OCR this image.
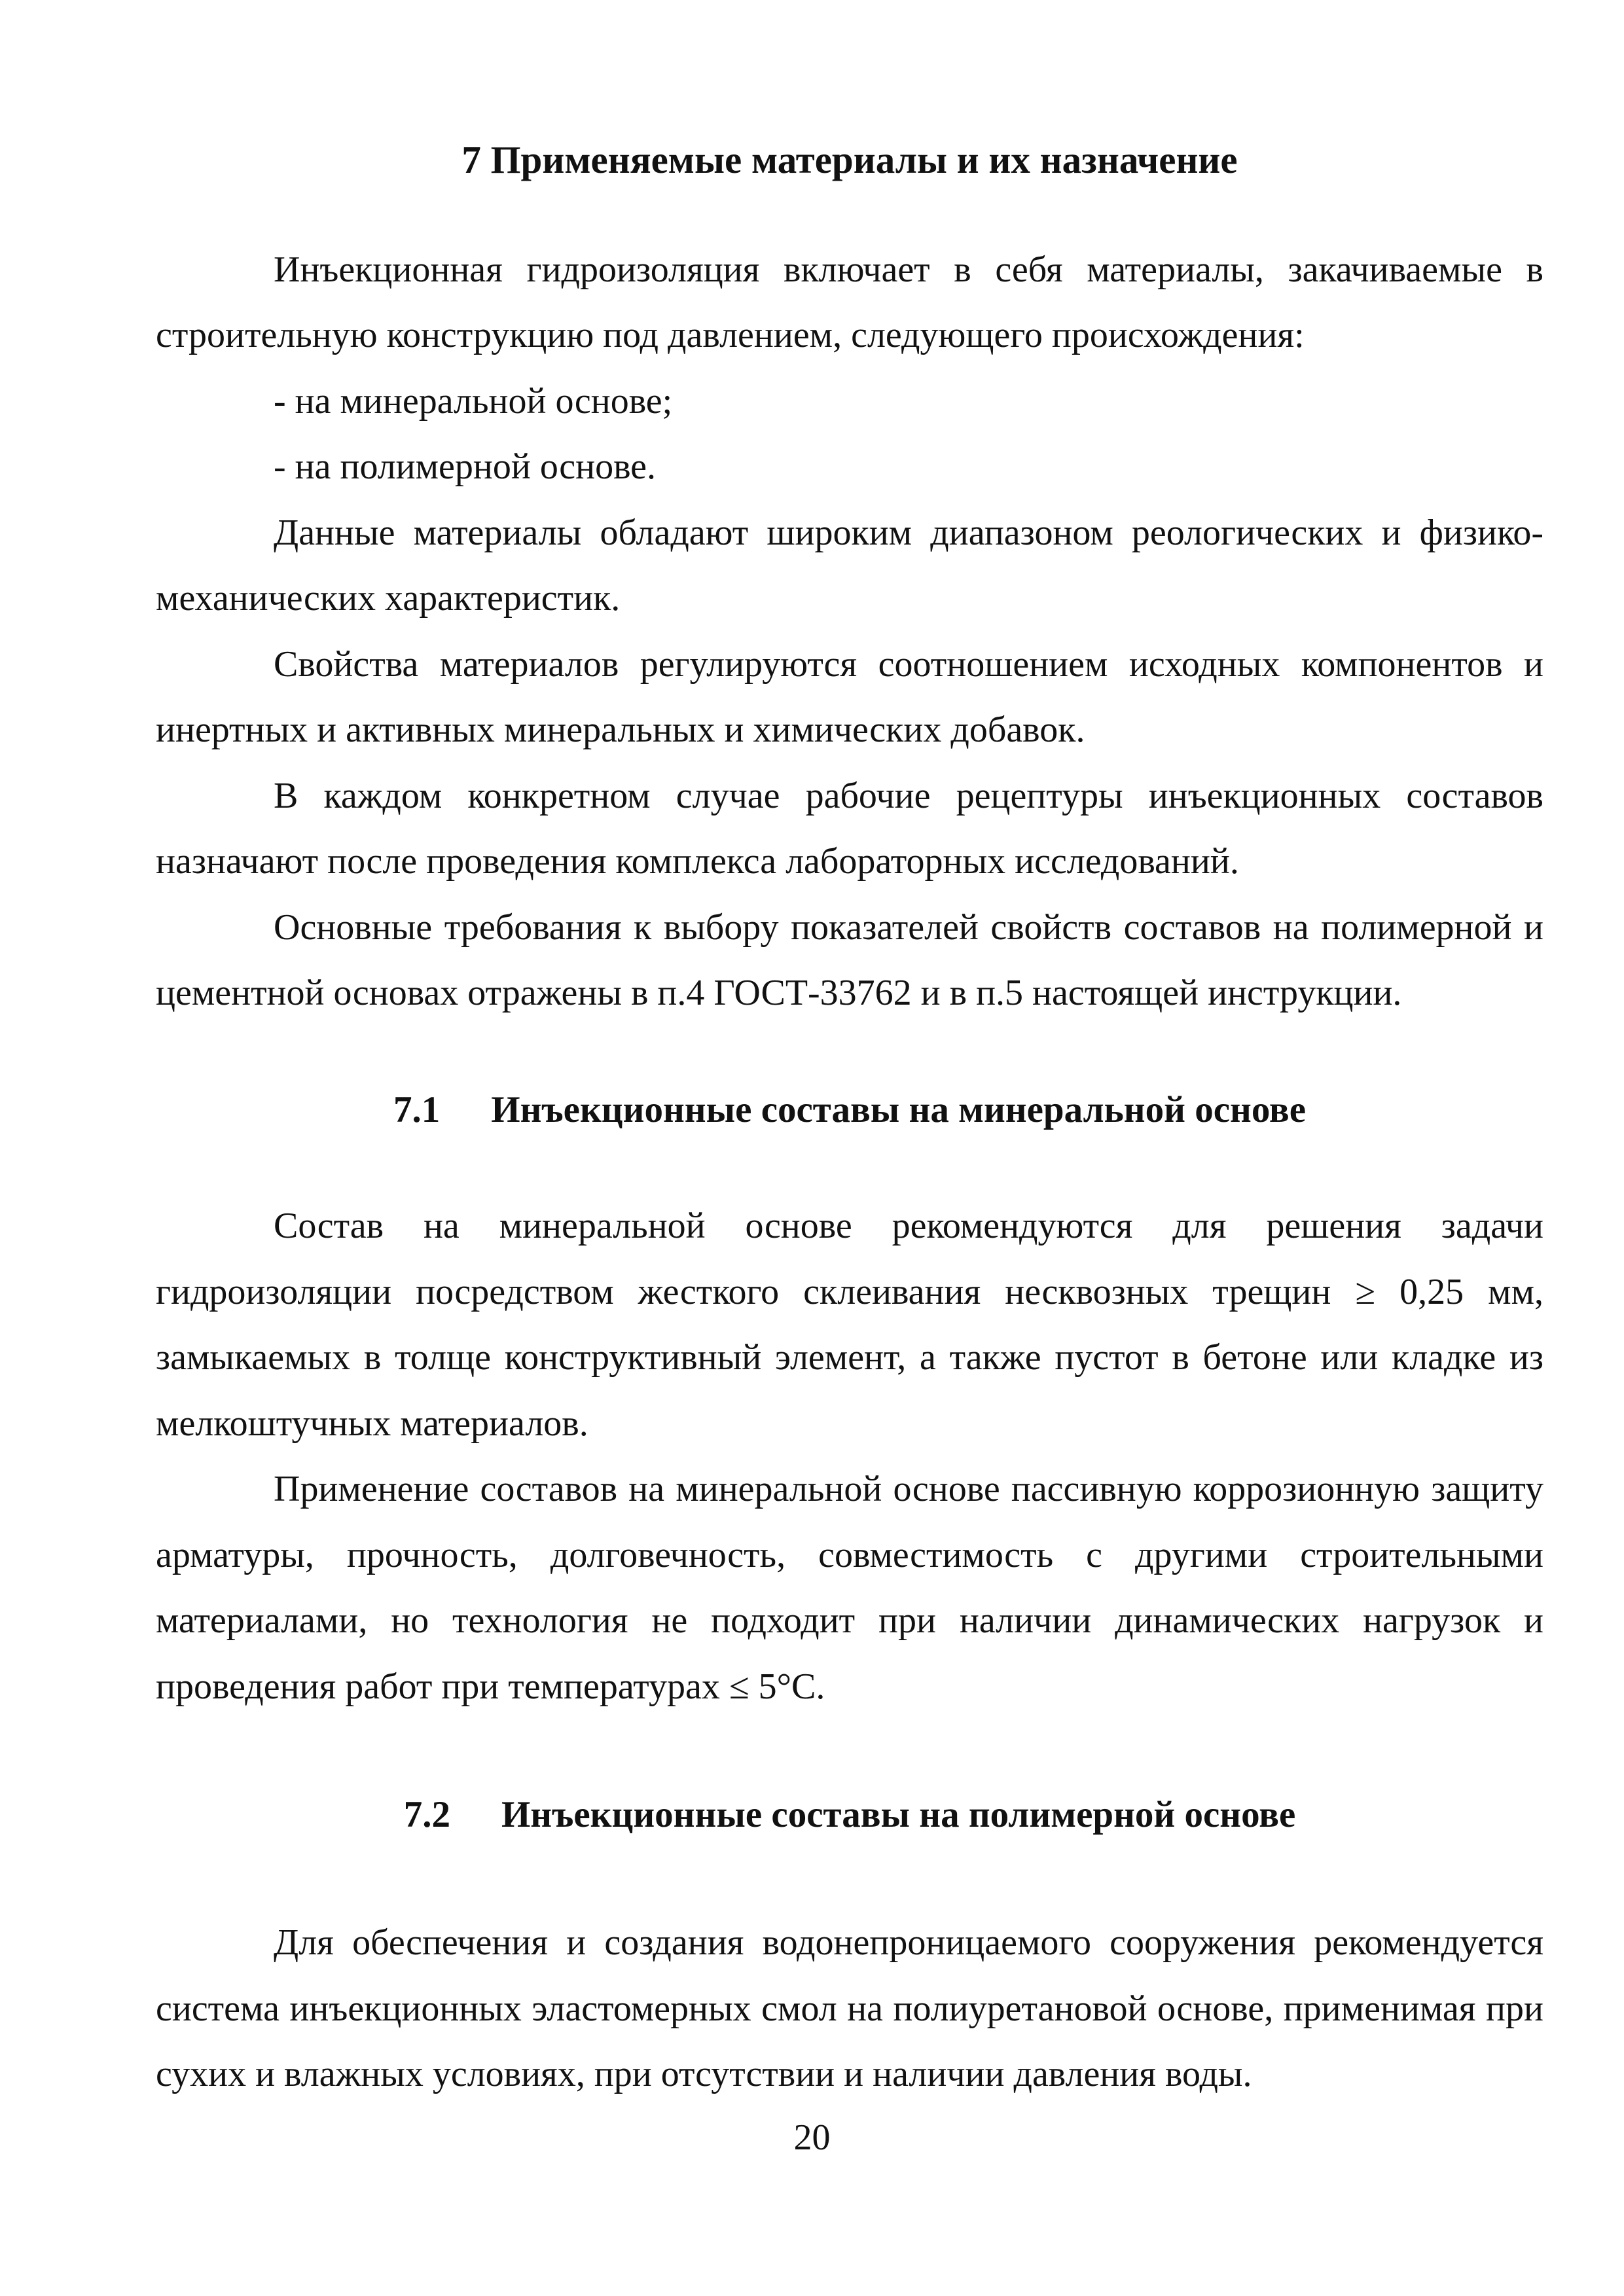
7 Применяемые материалы и их назначение

Инъекционная гидроизоляция включает в себя материалы, закачиваемые в строительную конструкцию под давлением, следующего происхождения:

- на минеральной основе;

- на полимерной основе.

Данные материалы обладают широким диапазоном реологических и физико-механических характеристик.

Свойства материалов регулируются соотношением исходных компонентов и инертных и активных минеральных и химических добавок.

В каждом конкретном случае рабочие рецептуры инъекционных составов назначают после проведения комплекса лабораторных исследований.

Основные требования к выбору показателей свойств составов на полимерной и цементной основах отражены в п.4 ГОСТ-33762 и в п.5 настоящей инструкции.

7.1 Инъекционные составы на минеральной основе

Состав на минеральной основе рекомендуются для решения задачи гидроизоляции посредством жесткого склеивания несквозных трещин ≥ 0,25 мм, замыкаемых в толще конструктивный элемент, а также пустот в бетоне или кладке из мелкоштучных материалов.

Применение составов на минеральной основе пассивную коррозионную защиту арматуры, прочность, долговечность, совместимость с другими строительными материалами, но технология не подходит при наличии динамических нагрузок и проведения работ при температурах ≤ 5°С.

7.2 Инъекционные составы на полимерной основе

Для обеспечения и создания водонепроницаемого сооружения рекомендуется система инъекционных эластомерных смол на полиуретановой основе, применимая при сухих и влажных условиях, при отсутствии и наличии давления воды.

20
